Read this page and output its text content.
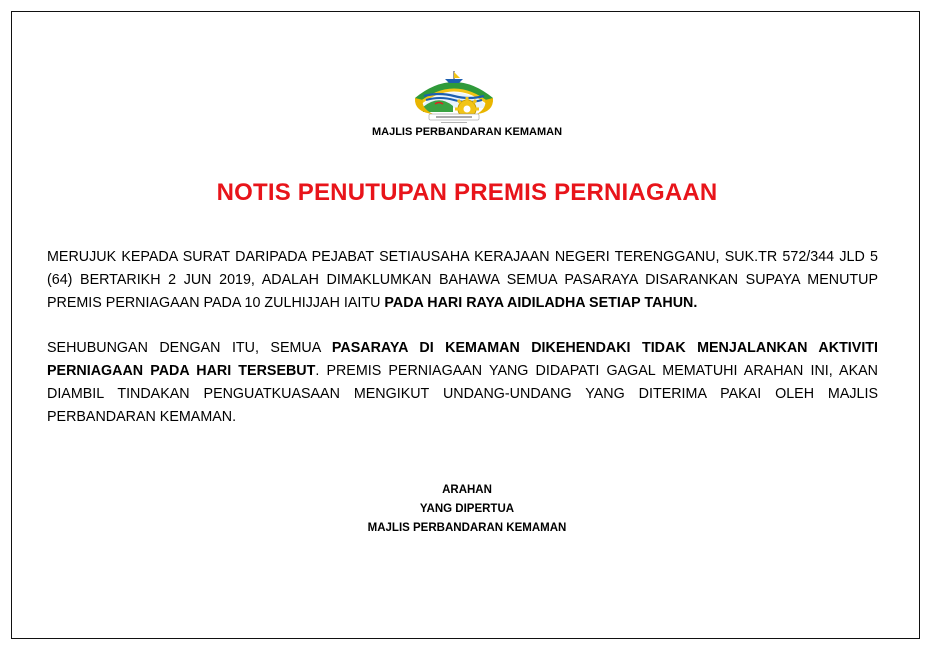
MAJLIS PERBANDARAN KEMAMAN
NOTIS PENUTUPAN PREMIS PERNIAGAAN

MERUJUK KEPADA SURAT DARIPADA PEJABAT SETIAUSAHA KERAJAAN NEGERI TERENGGANU, SUK.TR 572/344 JLD 5 (64) BERTARIKH 2 JUN 2019, ADALAH DIMAKLUMKAN BAHAWA SEMUA PASARAYA DISARANKAN SUPAYA MENUTUP PREMIS PERNIAGAAN PADA 10 ZULHIJJAH IAITU PADA HARI RAYA AIDILADHA SETIAP TAHUN.

SEHUBUNGAN DENGAN ITU, SEMUA PASARAYA DI KEMAMAN DIKEHENDAKI TIDAK MENJALANKAN AKTIVITI PERNIAGAAN PADA HARI TERSEBUT. PREMIS PERNIAGAAN YANG DIDAPATI GAGAL MEMATUHI ARAHAN INI, AKAN DIAMBIL TINDAKAN PENGUATKUASAAN MENGIKUT UNDANG-UNDANG YANG DITERIMA PAKAI OLEH MAJLIS PERBANDARAN KEMAMAN.

ARAHAN
YANG DIPERTUA
MAJLIS PERBANDARAN KEMAMAN
